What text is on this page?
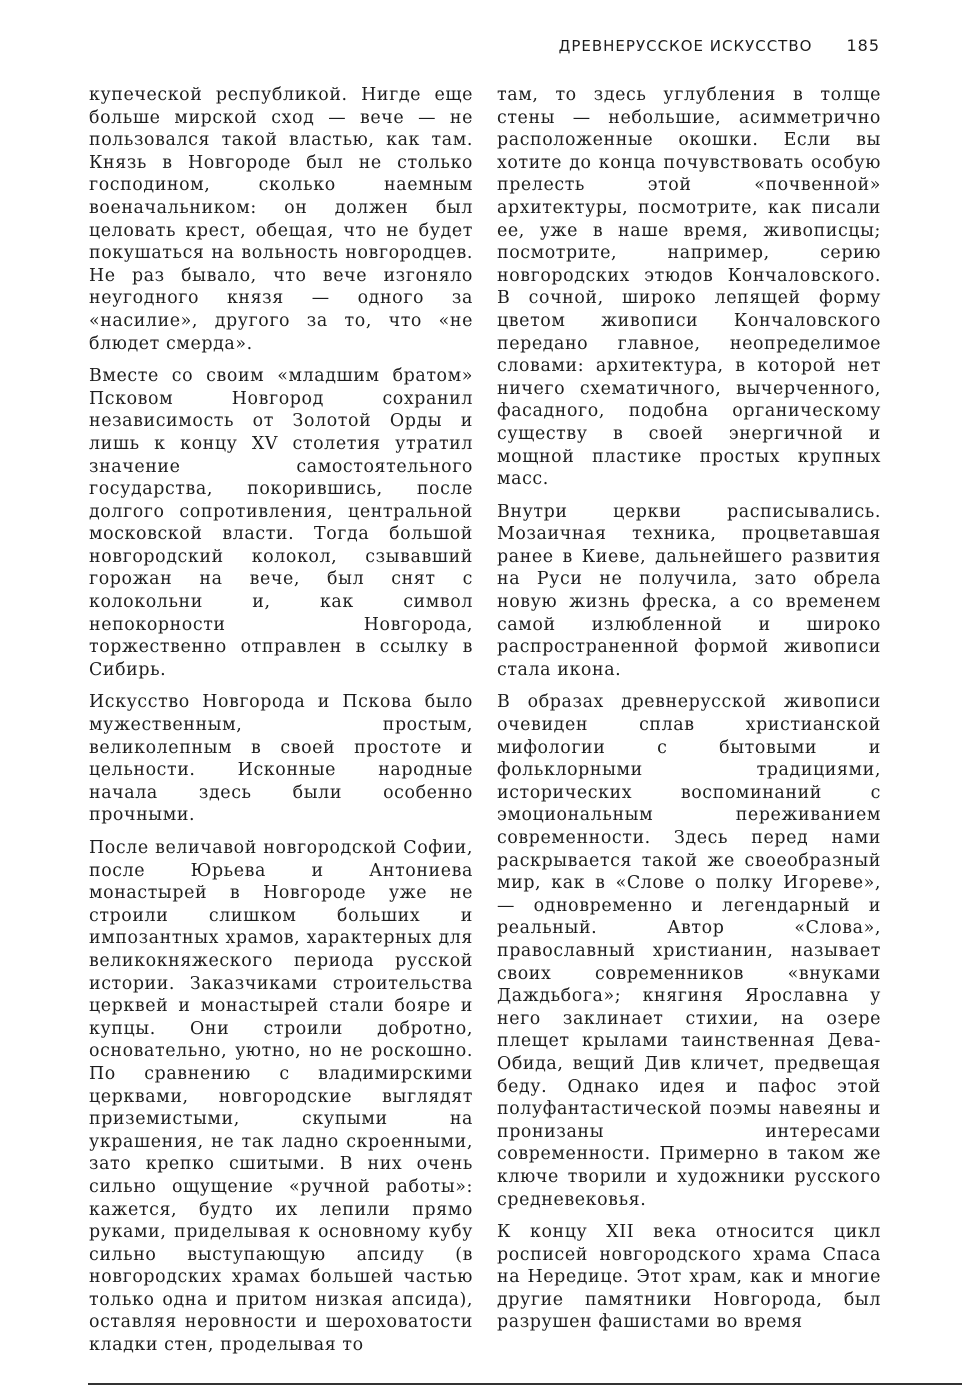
ДРЕВНЕРУССКОЕ ИСКУССТВО 185

купеческой республикой. Нигде еще больше мирской сход — вече — не пользовался такой властью, как там. Князь в Новгороде был не столько господином, сколько наемным военачальником: он должен был целовать крест, обещая, что не будет покушаться на вольность новгородцев. Не раз бывало, что вече изгоняло неугодного князя — одного за «насилие», другого за то, что «не блюдет смерда».

Вместе со своим «младшим братом» Псковом Новгород сохранил независимость от Золотой Орды и лишь к концу XV столетия утратил значение самостоятельного государства, покорившись, после долгого сопротивления, центральной московской власти. Тогда большой новгородский колокол, сзывавший горожан на вече, был снят с колокольни и, как символ непокорности Новгорода, торжественно отправлен в ссылку в Сибирь.

Искусство Новгорода и Пскова было мужественным, простым, великолепным в своей простоте и цельности. Исконные народные начала здесь были особенно прочными.

После величавой новгородской Софии, после Юрьева и Антониева монастырей в Новгороде уже не строили слишком больших и импозантных храмов, характерных для великокняжеского периода русской истории. Заказчиками строительства церквей и монастырей стали бояре и купцы. Они строили добротно, основательно, уютно, но не роскошно. По сравнению с владимирскими церквами, новгородские выглядят приземистыми, скупыми на украшения, не так ладно скроенными, зато крепко сшитыми. В них очень сильно ощущение «ручной работы»: кажется, будто их лепили прямо руками, приделывая к основному кубу сильно выступающую апсиду (в новгородских храмах большей частью только одна и притом низкая апсида), оставляя неровности и шероховатости кладки стен, проделывая то

там, то здесь углубления в толще стены — небольшие, асимметрично расположенные окошки. Если вы хотите до конца почувствовать особую прелесть этой «почвенной» архитектуры, посмотрите, как писали ее, уже в наше время, живописцы; посмотрите, например, серию новгородских этюдов Кончаловского. В сочной, широко лепящей форму цветом живописи Кончаловского передано главное, неопределимое словами: архитектура, в которой нет ничего схематичного, вычерченного, фасадного, подобна органическому существу в своей энергичной и мощной пластике простых крупных масс.

Внутри церкви расписывались. Мозаичная техника, процветавшая ранее в Киеве, дальнейшего развития на Руси не получила, зато обрела новую жизнь фреска, а со временем самой излюбленной и широко распространенной формой живописи стала икона.

В образах древнерусской живописи очевиден сплав христианской мифологии с бытовыми и фольклорными традициями, исторических воспоминаний с эмоциональным переживанием современности. Здесь перед нами раскрывается такой же своеобразный мир, как в «Слове о полку Игореве», — одновременно и легендарный и реальный. Автор «Слова», православный христианин, называет своих современников «внуками Даждьбога»; княгиня Ярославна у него заклинает стихии, на озере плещет крылами таинственная Дева-Обида, вещий Див кличет, предвещая беду. Однако идея и пафос этой полуфантастической поэмы навеяны и пронизаны интересами современности. Примерно в таком же ключе творили и художники русского средневековья.

К концу XII века относится цикл росписей новгородского храма Спаса на Нередице. Этот храм, как и многие другие памятники Новгорода, был разрушен фашистами во время
